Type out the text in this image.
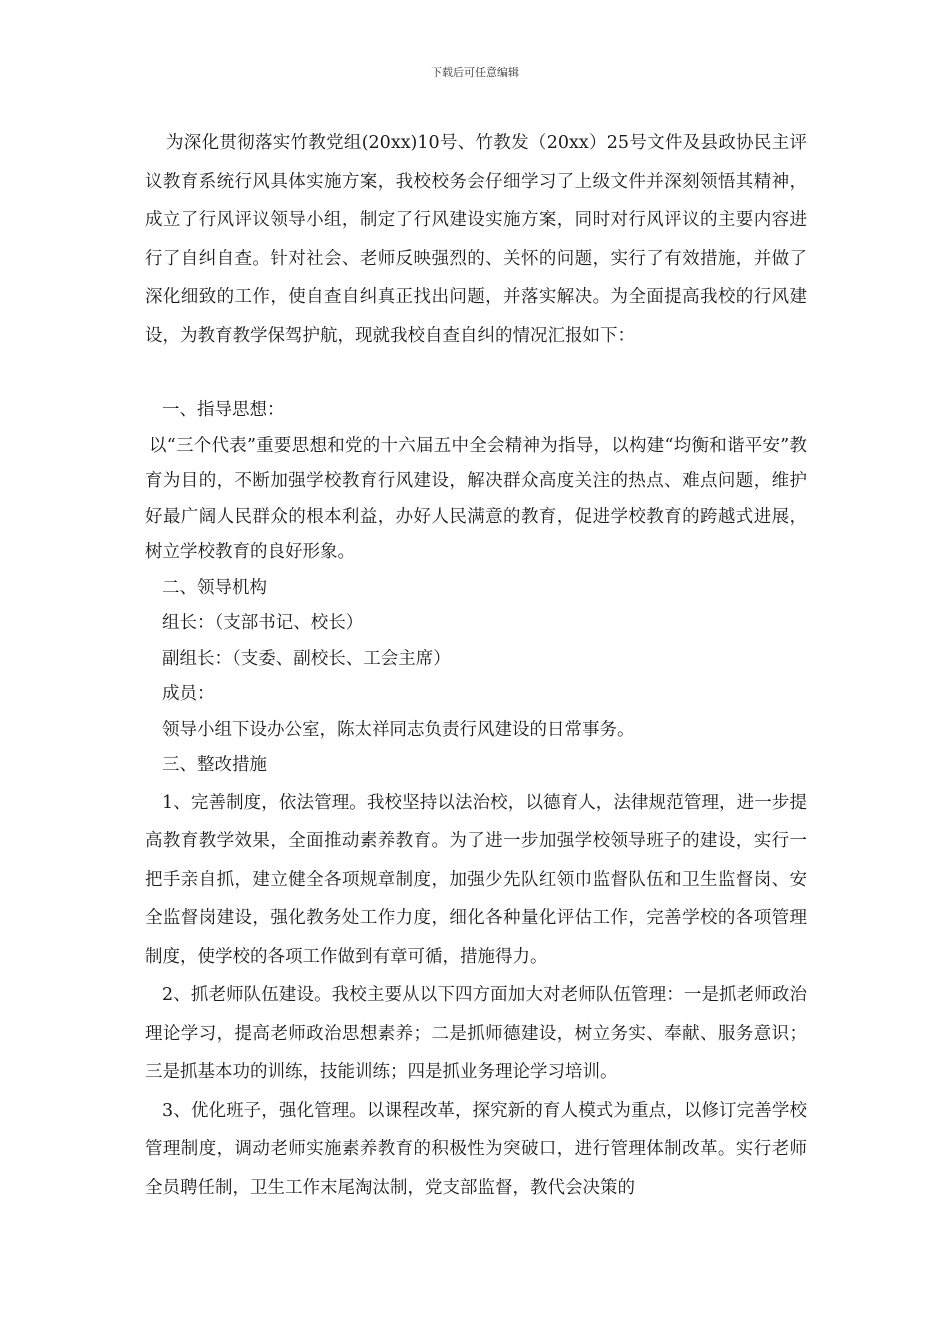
下载后可任意编辑

为深化贯彻落实竹教党组(20xx)10号、竹教发（20xx）25号文件及县政协民主评议教育系统行风具体实施方案，我校校务会仔细学习了上级文件并深刻领悟其精神，成立了行风评议领导小组，制定了行风建设实施方案，同时对行风评议的主要内容进行了自纠自查。针对社会、老师反映强烈的、关怀的问题，实行了有效措施，并做了深化细致的工作，使自查自纠真正找出问题，并落实解决。为全面提高我校的行风建设，为教育教学保驾护航，现就我校自查自纠的情况汇报如下：

一、指导思想：

以“三个代表”重要思想和党的十六届五中全会精神为指导，以构建“均衡和谐平安”教育为目的，不断加强学校教育行风建设，解决群众高度关注的热点、难点问题，维护好最广阔人民群众的根本利益，办好人民满意的教育，促进学校教育的跨越式进展，树立学校教育的良好形象。

二、领导机构

组长：（支部书记、校长）

副组长：（支委、副校长、工会主席）

成员：

领导小组下设办公室，陈太祥同志负责行风建设的日常事务。

三、整改措施

1、完善制度，依法管理。我校坚持以法治校，以德育人，法律规范管理，进一步提高教育教学效果，全面推动素养教育。为了进一步加强学校领导班子的建设，实行一把手亲自抓，建立健全各项规章制度，加强少先队红领巾监督队伍和卫生监督岗、安全监督岗建设，强化教务处工作力度，细化各种量化评估工作，完善学校的各项管理制度，使学校的各项工作做到有章可循，措施得力。

2、抓老师队伍建设。我校主要从以下四方面加大对老师队伍管理：一是抓老师政治理论学习，提高老师政治思想素养；二是抓师德建设，树立务实、奉献、服务意识；三是抓基本功的训练，技能训练；四是抓业务理论学习培训。

3、优化班子，强化管理。以课程改革，探究新的育人模式为重点，以修订完善学校管理制度，调动老师实施素养教育的积极性为突破口，进行管理体制改革。实行老师全员聘任制，卫生工作末尾淘汰制，党支部监督，教代会决策的
